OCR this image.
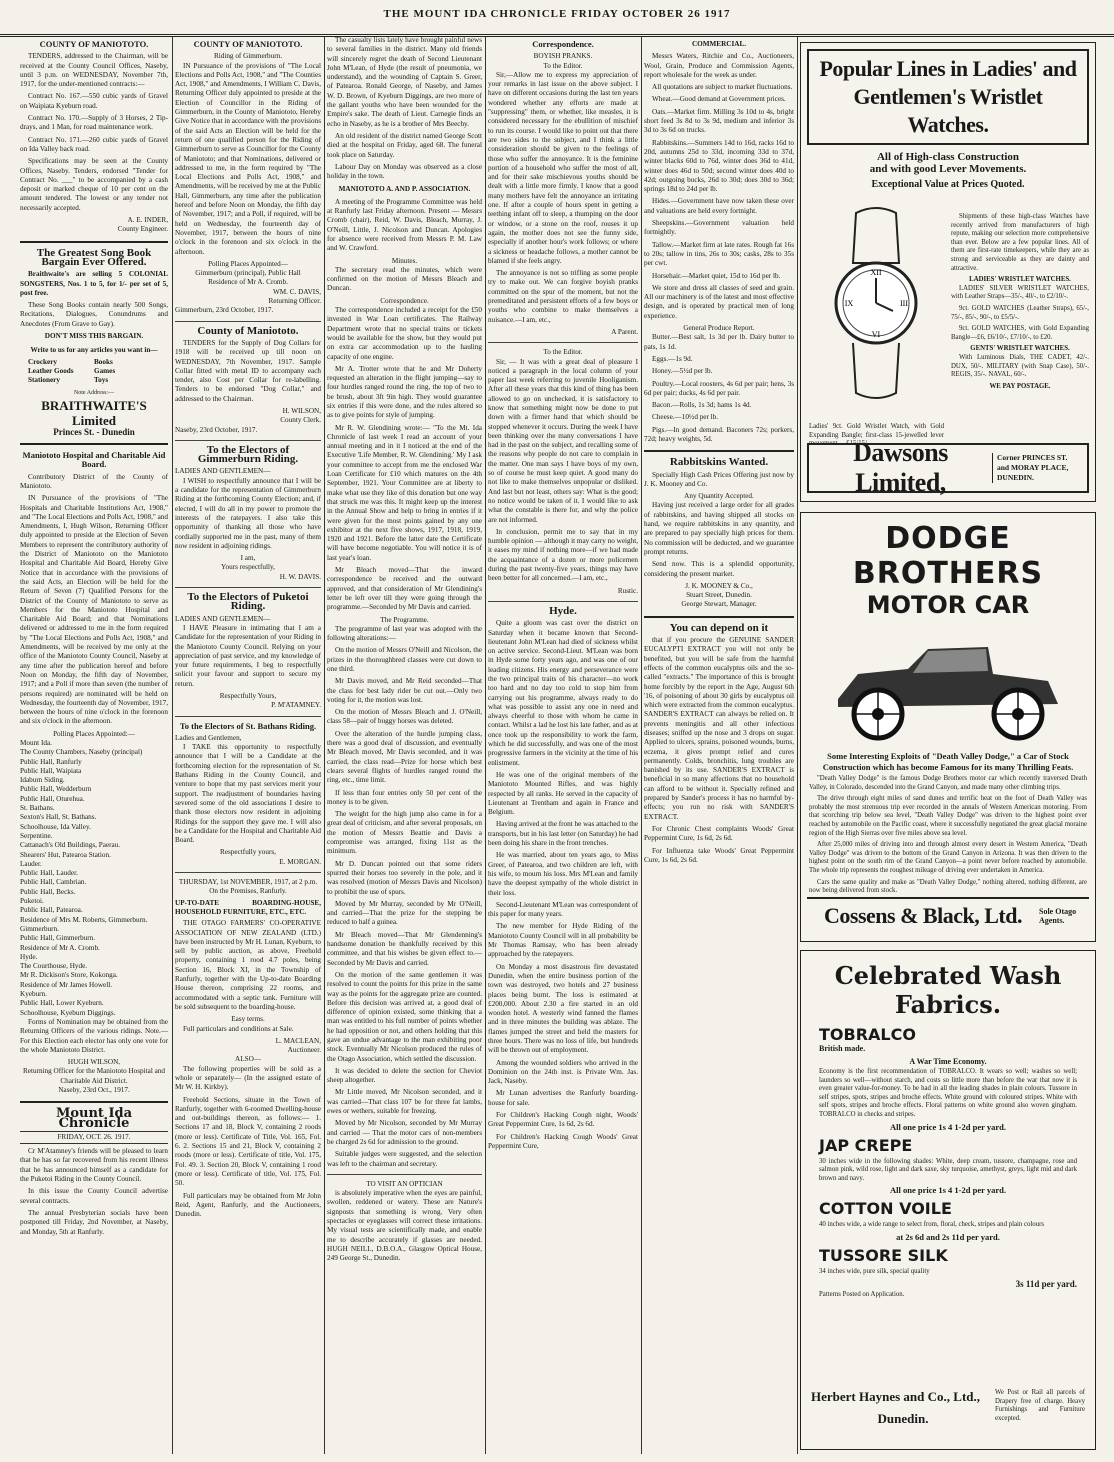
THE MOUNT IDA CHRONICLE FRIDAY OCTOBER 26 1917
COUNTY OF MANIOTOTO.

TENDERS, addressed to the Chairman, will be received at the County Council Offices, Naseby, until 3 p.m. on WEDNESDAY, November 7th, 1917, for the under-mentioned contracts:—

Contract No. 167.—550 cubic yards of Gravel on Waipiata Kyeburn road.

Contract No. 170.—Supply of 3 Horses, 2 Tip-drays, and 1 Man, for road maintenance work.

Contract No. 171.—260 cubic yards of Gravel on Ida Valley back road.

Specifications may be seen at the County Offices, Naseby. Tenders, endorsed "Tender for Contract No. ___" to be accompanied by a cash deposit or marked cheque of 10 per cent on the amount tendered. The lowest or any tender not necessarily accepted.

A. E. INDER,
County Engineer.
The Greatest Song Book Bargain Ever Offered.

Braithwaite's are selling 5 COLONIAL SONGSTERS, Nos. 1 to 5, for 1/- per set of 5, post free.

These Song Books contain nearly 500 Songs, Recitations, Dialogues, Conundrums and Anecdotes (From Grave to Gay).

DON'T MISS THIS BARGAIN.
Write to us for any articles you want in—
Crockery	Books
Leather Goods	Games
Stationery	Toys
Note Address:—
BRAITHWAITE'S Limited
Princes St. - Dunedin
Maniototo Hospital and Charitable Aid Board.

Contributory District of the County of Maniototo.

IN Pursuance of the provisions of "The Hospitals and Charitable Institutions Act, 1908," and "The Local Elections and Polls Act, 1908," and Amendments, I, Hugh Wilson, Returning Officer duly appointed to preside at the Election of Seven Members to represent the contributory authority of the District of Maniototo on the Maniototo Hospital and Charitable Aid Board, Hereby Give Notice that in accordance with the provisions of the said Acts, an Election will be held for the Return of Seven (7) Qualified Persons for the District of the County of Maniototo to serve as Members for the Maniototo Hospital and Charitable Aid Board; and that Nominations delivered or addressed to me in the form required by "The Local Elections and Polls Act, 1908," and Amendments, will be received by me only at the office of the Maniototo County Council, Naseby at any time after the publication hereof and before Noon on Monday, the fifth day of November, 1917; and a Poll if more than seven (the number of persons required) are nominated will be held on Wednesday, the fourteenth day of November, 1917, between the hours of nine o'clock in the forenoon and six o'clock in the afternoon.

Polling Places Appointed:—
Mount Ida.
The County Chambers, Naseby (principal)
Public Hall, Ranfurly
Public Hall, Waipiata
Idaburn Siding.
Public Hall, Wedderburn
Public Hall, Oturehua.
St. Bathans.
Sexton's Hall, St. Bathans.
Schoolhouse, Ida Valley.
Serpentine.
Cattanach's Old Buildings, Paerau.
Shearers' Hut, Patearoa Station.
Lauder.
Public Hall, Lauder.
Public Hall, Cambrian.
Public Hall, Becks.
Puketoi.
Public Hall, Patearoa.
Residence of Mrs M. Roberts, Gimmerburn.
Gimmerburn.
Public Hall, Gimmerburn.
Residence of Mr A. Cromb.
Hyde.
The Courthouse, Hyde.
Mr R. Dickison's Store, Kokonga.
Residence of Mr James Howell.
Kyeburn.
Public Hall, Lower Kyeburn.
Schoolhouse, Kyeburn Diggings.

Forms of Nomination may be obtained from the Returning Officers of the various ridings. Note.—For this Election each elector has only one vote for the whole Maniototo District.

HUGH WILSON,
Returning Officer for the Maniototo Hospital and Charitable Aid District.
Naseby, 23rd Oct., 1917.
Mount Ida Chronicle
FRIDAY, OCT. 26. 1917.

Cr M'Atamney's friends will be pleased to learn that he has so far recovered from his recent illness that he has announced himself as a candidate for the Puketoi Riding in the County Council.

In this issue the County Council advertise several contracts.

The annual Presbyterian socials have been postponed till Friday, 2nd November, at Naseby, and Monday, 5th at Ranfurly.

COUNTY OF MANIOTOTO.
Riding of Gimmerburn.

IN Pursuance of the provisions of "The Local Elections and Polls Act, 1908," and "The Counties Act, 1908," and Amendments, I William C. Davis, Returning Officer duly appointed to preside at the Election of Councillor in the Riding of Gimmerburn, in the County of Maniototo, Hereby Give Notice that in accordance with the provisions of the said Acts an Election will be held for the return of one qualified person for the Riding of Gimmerburn to serve as Councillor for the County of Maniototo; and that Nominations, delivered or addressed to me, in the form required by "The Local Elections and Polls Act, 1908," and Amendments, will be received by me at the Public Hall, Gimmerburn, any time after the publication hereof and before Noon on Monday, the fifth day of November, 1917; and a Poll, if required, will be held on Wednesday, the fourteenth day of November, 1917, between the hours of nine o'clock in the forenoon and six o'clock in the afternoon.

Polling Places Appointed—
Gimmerburn (principal), Public Hall
Residence of Mr A. Cromb.
WM. C. DAVIS,
Returning Officer.
Gimmerburn, 23rd October, 1917.
County of Maniototo.

TENDERS for the Supply of Dog Collars for 1918 will be received up till noon on WEDNESDAY, 7th November, 1917. Sample Collar fitted with metal ID to accompany each tender, also Cost per Collar for re-labelling. Tenders to be endorsed "Dog Collar," and addressed to the Chairman.

H. WILSON,
County Clerk.
Naseby, 23rd October, 1917.
To the Electors of Gimmerburn Riding.
LADIES AND GENTLEMEN—

I WISH to respectfully announce that I will be a candidate for the representation of Gimmerburn Riding at the forthcoming County Election; and, if elected, I will do all in my power to promote the interests of the ratepayers. I also take this opportunity of thanking all those who have cordially supported me in the past, many of them now resident in adjoining ridings.

I am,
Yours respectfully,
H. W. DAVIS.
To the Electors of Puketoi Riding.
LADIES AND GENTLEMEN—

I HAVE Pleasure in intimating that I am a Candidate for the representation of your Riding in the Maniototo County Council. Relying on your appreciation of past service, and my knowledge of your future requirements, I beg to respectfully solicit your favour and support to secure my return.

Respectfully Yours,
P. M'ATAMNEY.
To the Electors of St. Bathans Riding.
Ladies and Gentlemen,

I TAKE this opportunity to respectfully announce that I will be a Candidate at the forthcoming election for the representation of St. Bathans Riding in the County Council, and venture to hope that my past services merit your support. The readjustment of boundaries having severed some of the old associations I desire to thank those electors now resident in adjoining Ridings for the support they gave me. I will also be a Candidate for the Hospital and Charitable Aid Board.

Respectfully yours,
E. MORGAN.
THURSDAY, 1st NOVEMBER, 1917, at 2 p.m.
On the Premises, Ranfurly.
UP-TO-DATE BOARDING-HOUSE, HOUSEHOLD FURNITURE, ETC., ETC.

THE OTAGO FARMERS' CO-OPERATIVE ASSOCIATION OF NEW ZEALAND (LTD.) have been instructed by Mr H. Lunan, Kyeburn, to sell by public auction, as above, Freehold property, containing 1 rood 4.7 poles, being Section 16, Block XI, in the Township of Ranfurly, together with the Up-to-date Boarding House thereon, comprising 22 rooms, and accommodated with a septic tank. Furniture will be sold subsequent to the boarding-house.

Easy terms.

Full particulars and conditions at Sale.

L. MACLEAN,
Auctioneer.
ALSO—

The following properties will be sold as a whole or separately— (In the assigned estate of Mr W. H. Kirkby).

Freehold Sections, situate in the Town of Ranfurly, together with 6-roomed Dwelling-house and out-buildings thereon, as follows:— 1. Sections 17 and 18, Block V, containing 2 roods (more or less). Certificate of Title, Vol. 165, Fol. 6. 2. Sections 15 and 21, Block V, containing 2 roods (more or less). Certificate of title, Vol. 175, Fol. 49. 3. Section 20, Block V, containing 1 rood (more or less). Certificate of title, Vol. 175, Fol. 50.

Full particulars may be obtained from Mr John Reid, Agent, Ranfurly, and the Auctioneers, Dunedin.

The casualty lists lately have brought painful news to several families in the district. Many old friends will sincerely regret the death of Second Lieutenant John M'Lean, of Hyde (the result of pneumonia, we understand), and the wounding of Captain S. Greer, of Patearoa. Ronald George, of Naseby, and James W. D. Brown, of Kyeburn Diggings, are two more of the gallant youths who have been wounded for the Empire's sake. The death of Lieut. Carnegie finds an echo in Naseby, as he is a brother of Mrs Beechy.

An old resident of the district named George Scott died at the hospital on Friday, aged 68. The funeral took place on Saturday.

Labour Day on Monday was observed as a close holiday in the town.

MANIOTOTO A. AND P. ASSOCIATION.

A meeting of the Programme Committee was held at Ranfurly last Friday afternoon. Present — Messrs Cromb (chair), Reid, W. Davis, Bleach, Murray, J. O'Neill, Little, J. Nicolson and Duncan. Apologies for absence were received from Messrs P. M. Law and W. Crawford.

Minutes.

The secretary read the minutes, which were confirmed on the motion of Messrs Bleach and Duncan.

Correspondence.

The correspondence included a receipt for the £50 invested in War Loan certificates. The Railway Department wrote that no special trains or tickets would be available for the show, but they would put on extra car accommodation up to the hauling capacity of one engine.

Mr A. Trotter wrote that he and Mr Doherty requested an alteration in the flight jumping—say to four hurdles ranged round the ring, the top of two to be brush, about 3ft 9in high. They would guarantee six entries if this were done, and the rules altered so as to give points for style of jumping.

Mr R. W. Glendining wrote:— "To the Mt. Ida Chronicle of last week I read an account of your annual meeting and in it I noticed at the end of the Executive 'Life Member, R. W. Glendining.' My I ask your committee to accept from me the enclosed War Loan Certificate for £10 which matures on the 4th September, 1921. Your Committee are at liberty to make what use they like of this donation but one way that struck me was this. It might keep up the interest in the Annual Show and help to bring in entries if it were given for the most points gained by any one exhibitor at the next five shows, 1917, 1918, 1919, 1920 and 1921. Before the latter date the Certificate will have become negotiable. You will notice it is of last year's loan.

Mr Bleach moved—That the inward correspondence be received and the outward approved, and that consideration of Mr Glendining's letter be left over till they were going through the programme.—Seconded by Mr Davis and carried.

The Programme.

The programme of last year was adopted with the following alterations:—

On the motion of Messrs O'Neill and Nicolson, the prizes in the thoroughbred classes were cut down to one third.

Mr Davis moved, and Mr Reid seconded—That the class for best lady rider be cut out.—Only two voting for it, the motion was lost.

On the motion of Messrs Bleach and J. O'Neill, class 58—pair of buggy horses was deleted.

Over the alteration of the hurdle jumping class, there was a good deal of discussion, and eventually Mr Bleach moved, Mr Davis seconded, and it was carried, the class read—Prize for horse which best clears several flights of hurdles ranged round the ring, etc., time limit.

If less than four entries only 50 per cent of the money is to be given.

The weight for the high jump also came in for a great deal of criticism, and after several proposals, on the motion of Messrs Beattie and Davis a compromise was arranged, fixing 11st as the minimum.

Mr D. Duncan pointed out that some riders spurred their horses too severely in the pole, and it was resolved (motion of Messrs Davis and Nicolson) to prohibit the use of spurs.

Moved by Mr Murray, seconded by Mr O'Neill, and carried—That the prize for the stepping be reduced to half a guinea.

Mr Bleach moved—That Mr Glendenning's handsome donation be thankfully received by this committee, and that his wishes be given effect to.—Seconded by Mr Davis and carried.

On the motion of the same gentlemen it was resolved to count the points for this prize in the same way as the points for the aggregate prize are counted. Before this decision was arrived at, a good deal of difference of opinion existed, some thinking that a man was entitled to his full number of points whether he had opposition or not, and others holding that this gave an undue advantage to the man exhibiting poor stock. Eventually Mr Nicolson produced the rules of the Otago Association, which settled the discussion.

It was decided to delete the section for Cheviot sheep altogether.

Mr Little moved, Mr Nicolson seconded, and it was carried—That class 107 be for three fat lambs, ewes or wethers, suitable for freezing.

Moved by Mr Nicolson, seconded by Mr Murray and carried — That the motor cars of non-members be charged 2s 6d for admission to the ground.

Suitable judges were suggested, and the selection was left to the chairman and secretary.

TO VISIT AN OPTICIAN

is absolutely imperative when the eyes are painful, swollen, reddened or watery. These are Nature's signposts that something is wrong. Very often spectacles or eyeglasses will correct these irritations. My visual tests are scientifically made, and enable me to describe accurately if glasses are needed. HUGH NEILL, D.B.O.A., Glasgow Optical House, 249 George St., Dunedin.

Correspondence.
BOYISH PRANKS.
To the Editor.

Sir,—Allow me to express my appreciation of your remarks in last issue on the above subject. I have on different occasions during the last ten years wondered whether any efforts are made at "suppressing" them, or whether, like measles, it is considered necessary for the ebullition of mischief to run its course. I would like to point out that there are two sides to the subject, and I think a little consideration should be given to the feelings of those who suffer the annoyance. It is the feminine portion of a household who suffer the most of all, and for their sake mischievous youths should be dealt with a little more firmly. I know that a good many mothers have felt the annoyance an irritating one. If after a couple of hours spent in getting a teething infant off to sleep, a thumping on the door or window, or a stone on the roof, rouses it up again, the mother does not see the funny side, especially if another hour's work follows; or where a sickness or headache follows, a mother cannot be blamed if she feels angry.

The annoyance is not so trifling as some people try to make out. We can forgive boyish pranks committed on the spur of the moment, but not the premeditated and persistent efforts of a few boys or youths who combine to make themselves a nuisance.—I am, etc.,

A Parent.
To the Editor.

Sir, — It was with a great deal of pleasure I noticed a paragraph in the local column of your paper last week referring to juvenile Hooliganism. After all these years that this kind of thing has been allowed to go on unchecked, it is satisfactory to know that something might now be done to put down with a firmer hand that which should be stopped whenever it occurs. During the week I have been thinking over the many conversations I have had in the past on the subject, and recalling some of the reasons why people do not care to complain in the matter. One man says I have boys of my own, so of course he must keep quiet. A good many do not like to make themselves unpopular or disliked. And last but not least, others say: What is the good; no notice would be taken of it. I would like to ask what the constable is there for, and why the police are not informed.

In conclusion, permit me to say that in my humble opinion — although it may carry no weight, it eases my mind if nothing more—if we had made the acquaintance of a dozen or more policemen during the past twenty-five years, things may have been better for all concerned.—I am, etc.,

Rustic.
Hyde.

Quite a gloom was cast over the district on Saturday when it became known that Second-lieutenant John M'Lean had died of sickness whilst on active service. Second-Lieut. M'Lean was born in Hyde some forty years ago, and was one of our leading citizens. His energy and perseverance were the two principal traits of his character—no work too hard and no day too cold to stop him from carrying out his programme, always ready to do what was possible to assist any one in need and always cheerful to those with whom he came in contact. Whilst a lad he lost his late father, and as at once took up the responsibility to work the farm, which he did successfully, and was one of the most progressive farmers in the vicinity at the time of his enlistment.

He was one of the original members of the Maniototo Mounted Rifles, and was highly respected by all ranks. He served in the capacity of Lieutenant at Trentham and again in France and Belgium.

Having arrived at the front he was attached to the transports, but in his last letter (on Saturday) he had been doing his share in the front trenches.

He was married, about ten years ago, to Miss Greer, of Patearoa, and two children are left, with his wife, to mourn his loss. Mrs M'Lean and family have the deepest sympathy of the whole district in their loss.

Second-Lieutenant M'Lean was correspondent of this paper for many years.

The new member for Hyde Riding of the Maniototo County Council will in all probability be Mr Thomas Ramsay, who has been already approached by the ratepayers.

On Monday a most disastrous fire devastated Dunedin, when the entire business portion of the town was destroyed, two hotels and 27 business places being burnt. The loss is estimated at £200,000. About 2.30 a fire started in an old wooden hotel. A westerly wind fanned the flames and in three minutes the building was ablaze. The flames jumped the street and held the masters for three hours. There was no loss of life, but hundreds will be thrown out of employment.

Among the wounded soldiers who arrived in the Dominion on the 24th inst. is Private Wm. Jas. Jack, Naseby.

Mr Lunan advertises the Ranfurly boarding-house for sale.

For Children's Hacking Cough night, Woods' Great Peppermint Cure, 1s 6d, 2s 6d.

For Children's Hacking Cough Woods' Great Peppermint Cure,

COMMERCIAL.

Messrs Waters, Ritchie and Co., Auctioneers, Wool, Grain, Produce and Commission Agents, report wholesale for the week as under.

All quotations are subject to market fluctuations.

Wheat.—Good demand at Government prices.

Oats.—Market firm. Milling 3s 10d to 4s, bright short feed 3s 8d to 3s 9d, medium and inferior 3s 3d to 3s 6d on trucks.

Rabbitskins.—Summers 14d to 16d, racks 16d to 20d, autumns 25d to 33d, incoming 33d to 37d, winter blacks 60d to 76d, winter does 36d to 41d, winter does 46d to 50d; second winter does 40d to 42d; outgoing bucks, 26d to 30d; does 30d to 36d; springs 18d to 24d per lb.

Hides.—Government have now taken these over and valuations are held every fortnight.

Sheepskins.—Government valuation held fortnightly.

Tallow.—Market firm at late rates. Rough fat 16s to 20s; tallow in tins, 26s to 30s; casks, 28s to 35s per cwt.

Horsehair.—Market quiet, 15d to 16d per lb.

We store and dress all classes of seed and grain. All our machinery is of the latest and most effective design, and is operated by practical men of long experience.

General Produce Report.

Butter.—Best salt, 1s 3d per lb. Dairy butter to pats, 1s 1d.

Eggs.—1s 9d.

Honey.—5½d per lb.

Poultry.—Local roosters, 4s 6d per pair; hens, 3s 6d per pair; ducks, 4s 6d per pair.

Bacon.—Rolls, 1s 3d; hams 1s 4d.

Cheese.—10½d per lb.

Pigs.—In good demand. Baconers 72s; porkers, 72d; heavy weights, 5d.

Rabbitskins Wanted.

Specially High Cash Prices Offering just now by J. K. Mooney and Co.

Any Quantity Accepted.

Having just received a large order for all grades of rabbitskins, and having shipped all stocks on hand, we require rabbitskins in any quantity, and are prepared to pay specially high prices for them. No commission will be deducted, and we guarantee prompt returns.

Send now. This is a splendid opportunity, considering the present market.

J. K. MOONEY & Co.,
Stuart Street, Dunedin.
George Stewart, Manager.
You can depend on it

that if you procure the GENUINE SANDER EUCALYPTI EXTRACT you will not only be benefited, but you will be safe from the harmful effects of the common eucalyptus oils and the so-called "extracts." The importance of this is brought home forcibly by the report in the Age, August 6th '16, of poisoning of about 30 girls by eucalyptus oil which were extracted from the common eucalyptus. SANDER'S EXTRACT can always be relied on. It prevents meningitis and all other infectious diseases; sniffed up the nose and 3 drops on sugar. Applied to ulcers, sprains, poisoned wounds, burns, eczema, it gives prompt relief and cures permanently. Colds, bronchitis, lung troubles are banished by its use. SANDER'S EXTRACT is beneficial in so many affections that no household can afford to be without it. Specially refined and prepared by Sander's process it has no harmful by-effects; you run no risk with SANDER'S EXTRACT.

For Chronic Chest complaints Woods' Great Peppermint Cure, 1s 6d, 2s 6d.

For Influenza take Woods' Great Peppermint Cure, 1s 6d, 2s 6d.

Popular Lines in Ladies' and
Gentlemen's Wristlet Watches.
All of High-class Construction
and with good Lever Movements.
Exceptional Value at Prices Quoted.
XII
III
VI
IX

Shipments of these high-class Watches have recently arrived from manufacturers of high repute, making our selection more comprehensive than ever. Below are a few popular lines. All of them are first-rate timekeepers, while they are as strong and serviceable as they are dainty and attractive.

LADIES' WRISTLET WATCHES.

LADIES' SILVER WRISTLET WATCHES, with Leather Straps—35/-, 40/-, to £2/10/-.

9ct. GOLD WATCHES (Leather Straps), 65/-, 75/-, 85/-, 90/-, to £5/5/-.

9ct. GOLD WATCHES, with Gold Expanding Bangle—£6, £6/10/-, £7/10/-, to £20.

GENTS' WRISTLET WATCHES.

With Luminous Dials, THE CADET, 42/-. DUX, 50/-. MILITARY (with Snap Case), 50/-. REGIS, 35/-. NAVAL, 60/-.

WE PAY POSTAGE.
Ladies' 9ct. Gold Wristlet Watch, with Gold Expanding Bangle; first-class 15-jewelled lever movement— £15/15/-.
Dawsons Limited,
Corner PRINCES ST.
and MORAY PLACE,
DUNEDIN.
DODGE BROTHERS
MOTOR CAR
Some Interesting Exploits of "Death Valley Dodge," a Car of Stock Construction which has become Famous for its many Thrilling Feats.

"Death Valley Dodge" is the famous Dodge Brothers motor car which recently traversed Death Valley, in Colorado, descended into the Grand Canyon, and made many other climbing trips.

The drive through eight miles of sand dunes and terrific heat on the foot of Death Valley was probably the most strenuous trip ever recorded in the annals of Western American motoring. From that scorching trip below sea level, "Death Valley Dodge" was driven to the highest point ever reached by automobile on the Pacific coast, where it successfully negotiated the great glacial moraine region of the High Sierras over five miles above sea level.

After 25,000 miles of driving into and through almost every desert in Western America, "Death Valley Dodge" was driven to the bottom of the Grand Canyon in Arizona. It was then driven to the highest point on the south rim of the Grand Canyon—a point never before reached by automobile. The whole trip represents the roughest mileage of driving ever undertaken in America.

Cars the same quality and make as "Death Valley Dodge," nothing altered, nothing different, are now being delivered from stock.

Cossens & Black, Ltd.	Sole Otago Agents.
Celebrated Wash Fabrics.
TOBRALCO
British made.
A War Time Economy.
Economy is the first recommendation of TOBRALCO. It wears so well; washes so well; launders so well—without starch, and costs so little more than before the war that now it is even greater value-for-money. To be had in all the leading shades in plain colours. Tussore in self stripes, spots, stripes and broche effects. White ground with coloured stripes. White with self spots, stripes and broche effects. Floral patterns on white ground also woven gingham. TOBRALCO in checks and stripes.
All one price 1s 4 1-2d per yard.
JAP CREPE
30 inches wide in the following shades: White, deep cream, tussore, champagne, rose and salmon pink, wild rose, light and dark saxe, sky turquoise, amethyst, greys, light mid and dark brown and navy.
All one price 1s 4 1-2d per yard.
COTTON VOILE
40 inches wide, a wide range to select from, floral, check, stripes and plain colours
at 2s 6d and 2s 11d per yard.
TUSSORE SILK
34 inches wide, pure silk, special quality
3s 11d per yard.
Patterns Posted on Application.
Herbert Haynes and Co., Ltd.,
Dunedin.
We Post or Rail all parcels of Drapery free of charge. Heavy Furnishings and Furniture excepted.
